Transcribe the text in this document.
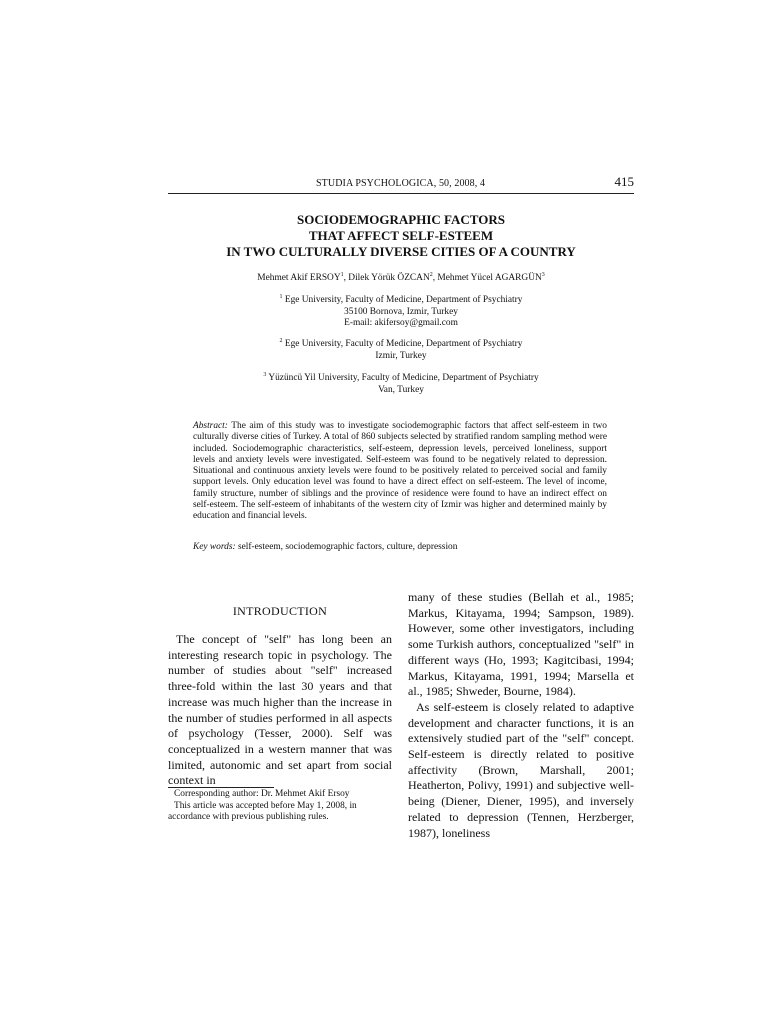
STUDIA PSYCHOLOGICA, 50, 2008, 4	415
SOCIODEMOGRAPHIC FACTORS
THAT AFFECT SELF-ESTEEM
IN TWO CULTURALLY DIVERSE CITIES OF A COUNTRY
Mehmet Akif ERSOY$^1$, Dilek Yörük ÖZCAN$^2$, Mehmet Yücel AGARGÜN$^3$
$^1$ Ege University, Faculty of Medicine, Department of Psychiatry
35100 Bornova, Izmir, Turkey
E-mail: akifersoy@gmail.com
$^2$ Ege University, Faculty of Medicine, Department of Psychiatry
Izmir, Turkey
$^3$ Yüzüncü Yil University, Faculty of Medicine, Department of Psychiatry
Van, Turkey
Abstract: The aim of this study was to investigate sociodemographic factors that affect self-esteem in two culturally diverse cities of Turkey. A total of 860 subjects selected by stratified random sampling method were included. Sociodemographic characteristics, self-esteem, depression levels, perceived loneliness, support levels and anxiety levels were investigated. Self-esteem was found to be negatively related to depression. Situational and continuous anxiety levels were found to be positively related to perceived social and family support levels. Only education level was found to have a direct effect on self-esteem. The level of income, family structure, number of siblings and the province of residence were found to have an indirect effect on self-esteem. The self-esteem of inhabitants of the western city of Izmir was higher and determined mainly by education and financial levels.
Key words: self-esteem, sociodemographic factors, culture, depression
INTRODUCTION
The concept of "self" has long been an interesting research topic in psychology. The number of studies about "self" increased three-fold within the last 30 years and that increase was much higher than the increase in the number of studies performed in all aspects of psychology (Tesser, 2000). Self was conceptualized in a western manner that was limited, autonomic and set apart from social context in
many of these studies (Bellah et al., 1985; Markus, Kitayama, 1994; Sampson, 1989). However, some other investigators, including some Turkish authors, conceptualized "self" in different ways (Ho, 1993; Kagitcibasi, 1994; Markus, Kitayama, 1991, 1994; Marsella et al., 1985; Shweder, Bourne, 1984).
As self-esteem is closely related to adaptive development and character functions, it is an extensively studied part of the "self" concept. Self-esteem is directly related to positive affectivity (Brown, Marshall, 2001; Heatherton, Polivy, 1991) and subjective well-being (Diener, Diener, 1995), and inversely related to depression (Tennen, Herzberger, 1987), loneliness
Corresponding author: Dr. Mehmet Akif Ersoy
This article was accepted before May 1, 2008, in
accordance with previous publishing rules.
